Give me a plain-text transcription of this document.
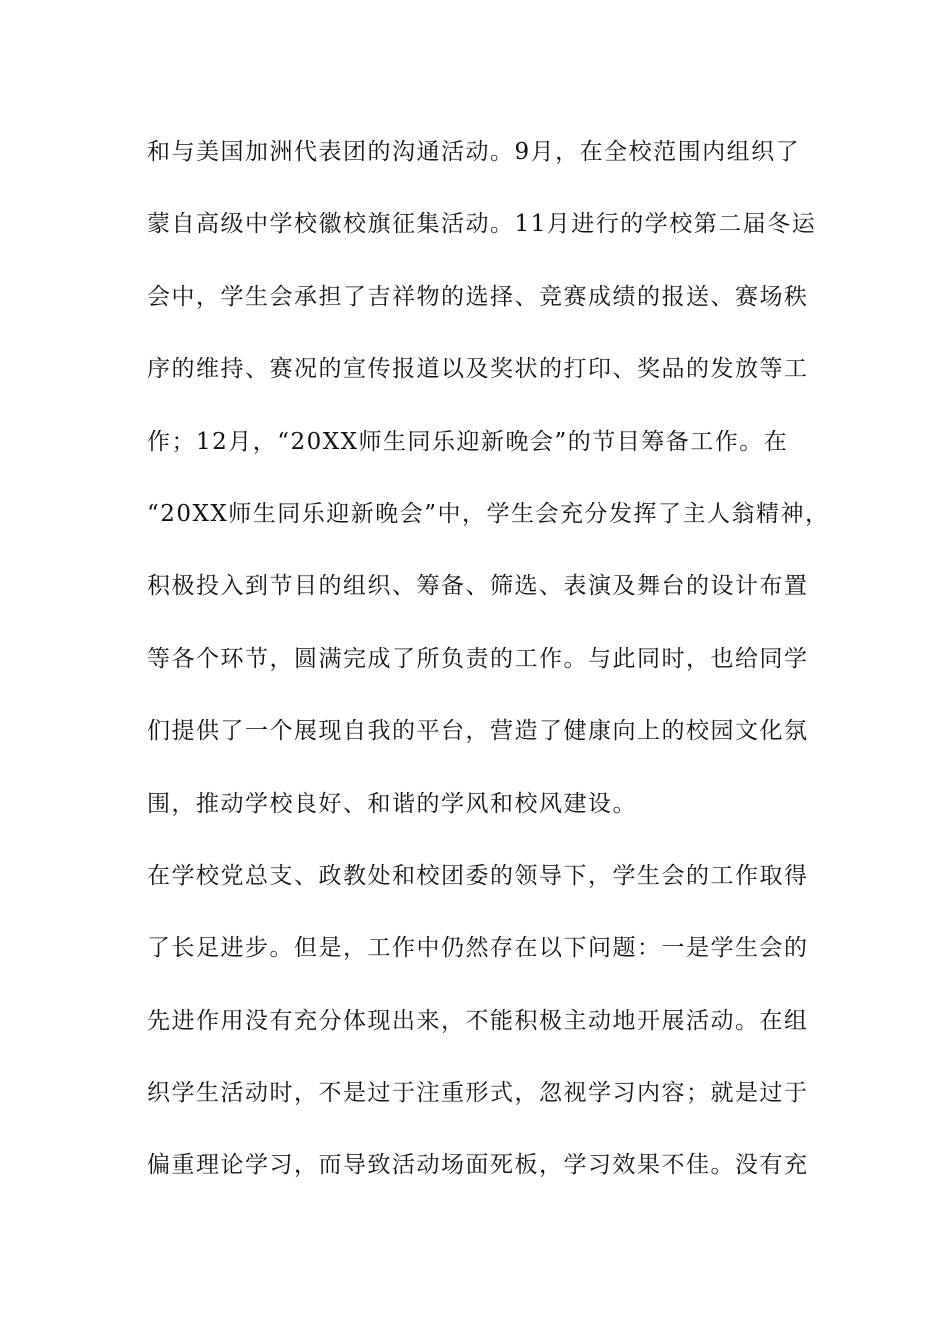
和与美国加洲代表团的沟通活动。9月，在全校范围内组织了
蒙自高级中学校徽校旗征集活动。11月进行的学校第二届冬运
会中，学生会承担了吉祥物的选择、竞赛成绩的报送、赛场秩
序的维持、赛况的宣传报道以及奖状的打印、奖品的发放等工
作；12月，“20XX师生同乐迎新晚会”的节目筹备工作。在
“20XX师生同乐迎新晚会”中，学生会充分发挥了主人翁精神，
积极投入到节目的组织、筹备、筛选、表演及舞台的设计布置
等各个环节，圆满完成了所负责的工作。与此同时，也给同学
们提供了一个展现自我的平台，营造了健康向上的校园文化氛
围，推动学校良好、和谐的学风和校风建设。
在学校党总支、政教处和校团委的领导下，学生会的工作取得
了长足进步。但是，工作中仍然存在以下问题：一是学生会的
先进作用没有充分体现出来，不能积极主动地开展活动。在组
织学生活动时，不是过于注重形式，忽视学习内容；就是过于
偏重理论学习，而导致活动场面死板，学习效果不佳。没有充
